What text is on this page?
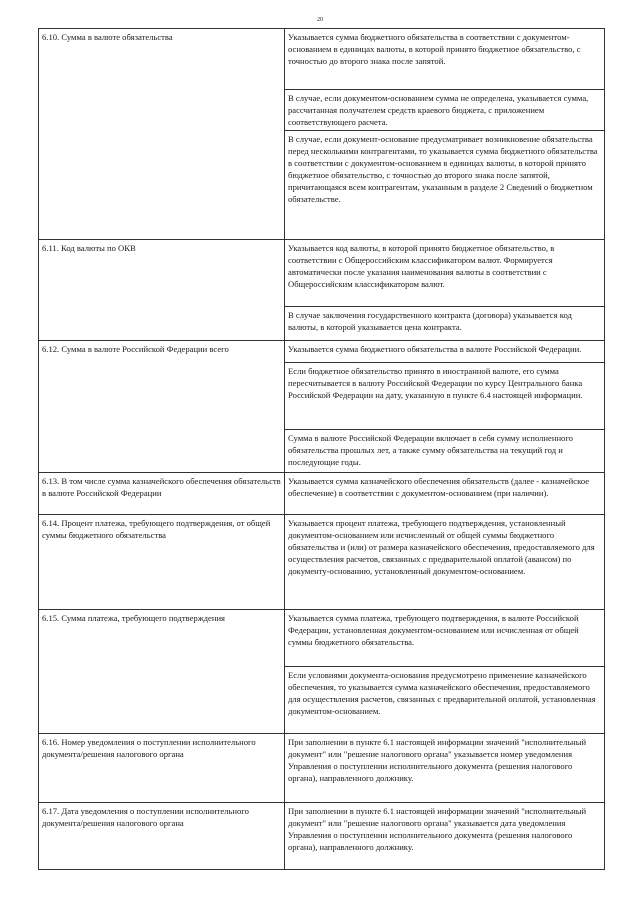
20
6.10. Сумма в валюте обязательства	Указывается сумма бюджетного обязательства в соответствии с документом-основанием в единицах валюты, в которой принято бюджетное обязательство, с точностью до второго знака после запятой.
	В случае, если документом-основанием сумма не определена, указывается сумма, рассчитанная получателем средств краевого бюджета, с приложением соответствующего расчета.
	В случае, если документ-основание предусматривает возникновение обязательства перед несколькими контрагентами, то указывается сумма бюджетного обязательства в соответствии с документом-основанием в единицах валюты, в которой принято бюджетное обязательство, с точностью до второго знака после запятой, причитающаяся всем контрагентам, указанным в разделе 2 Сведений о бюджетном обязательстве.
6.11. Код валюты по ОКВ	Указывается код валюты, в которой принято бюджетное обязательство, в соответствии с Общероссийским классификатором валют. Формируется автоматически после указания наименования валюты в соответствии с Общероссийским классификатором валют.
	В случае заключения государственного контракта (договора) указывается код валюты, в которой указывается цена контракта.
6.12. Сумма в валюте Российской Федерации всего	Указывается сумма бюджетного обязательства в валюте Российской Федерации.
	Если бюджетное обязательство принято в иностранной валюте, его сумма пересчитывается в валюту Российской Федерации по курсу Центрального банка Российской Федерации на дату, указанную в пункте 6.4 настоящей информации.
	Сумма в валюте Российской Федерации включает в себя сумму исполненного обязательства прошлых лет, а также сумму обязательства на текущий год и последующие годы.
6.13. В том числе сумма казначейского обеспечения обязательств в валюте Российской Федерации	Указывается сумма казначейского обеспечения обязательств (далее - казначейское обеспечение) в соответствии с документом-основанием (при наличии).
6.14. Процент платежа, требующего подтверждения, от общей суммы бюджетного обязательства	Указывается процент платежа, требующего подтверждения, установленный документом-основанием или исчисленный от общей суммы бюджетного обязательства и (или) от размера казначейского обеспечения, предоставляемого для осуществления расчетов, связанных с предварительной оплатой (авансом) по документу-основанию, установленный документом-основанием.
6.15. Сумма платежа, требующего подтверждения	Указывается сумма платежа, требующего подтверждения, в валюте Российской Федерации, установленная документом-основанием или исчисленная от общей суммы бюджетного обязательства.
	Если условиями документа-основания предусмотрено применение казначейского обеспечения, то указывается сумма казначейского обеспечения, предоставляемого для осуществления расчетов, связанных с предварительной оплатой, установленная документом-основанием.
6.16. Номер уведомления о поступлении исполнительного документа/решения налогового органа	При заполнении в пункте 6.1 настоящей информации значений "исполнительный документ" или "решение налогового органа" указывается номер уведомления Управления о поступлении исполнительного документа (решения налогового органа), направленного должнику.
6.17. Дата уведомления о поступлении исполнительного документа/решения налогового органа	При заполнении в пункте 6.1 настоящей информации значений "исполнительный документ" или "решение налогового органа" указывается дата уведомления Управления о поступлении исполнительного документа (решения налогового органа), направленного должнику.
